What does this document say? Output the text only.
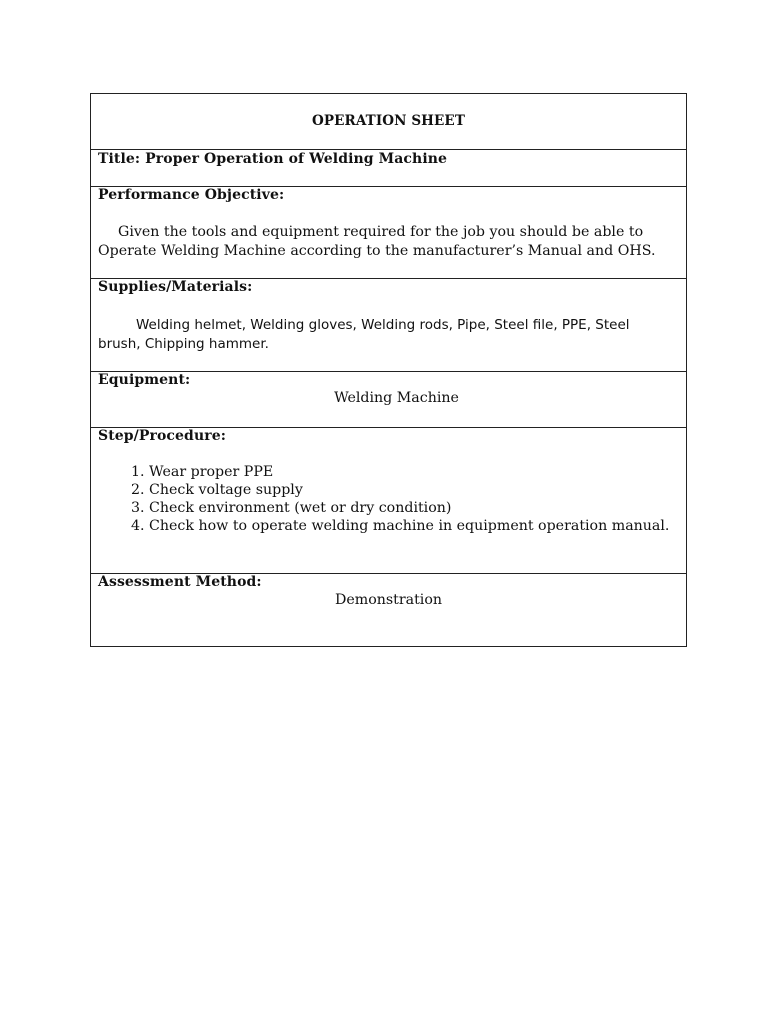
OPERATION SHEET
Title: Proper Operation of Welding Machine
Performance Objective:
Given the tools and equipment required for the job you should be able to Operate Welding Machine according to the manufacturer’s Manual and OHS.
Supplies/Materials:
Welding helmet, Welding gloves, Welding rods, Pipe, Steel file, PPE, Steel brush, Chipping hammer.
Equipment:
Welding Machine
Step/Procedure:
1. Wear proper PPE
2. Check voltage supply
3. Check environment (wet or dry condition)
4. Check how to operate welding machine in equipment operation manual.
Assessment Method:
Demonstration
